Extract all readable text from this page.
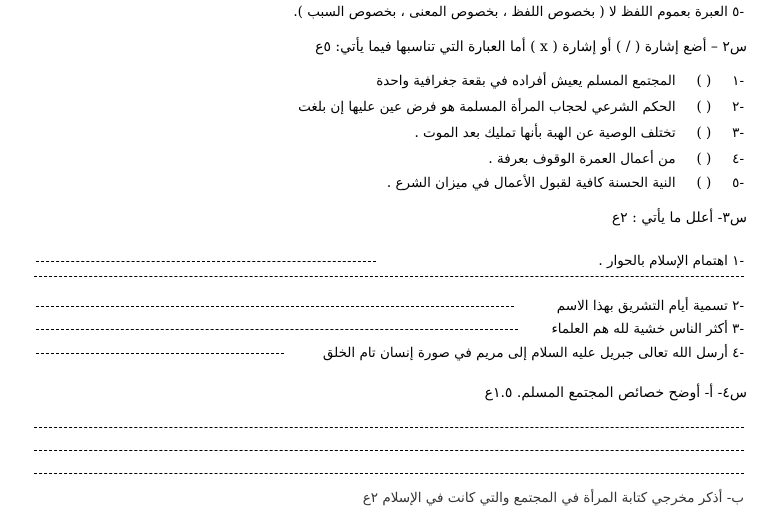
-٥ العبرة بعموم اللفظ لا ( بخصوص اللفظ ، بخصوص المعنى ، بخصوص السبب ).
س٢ – أضع إشارة ( / ) أو إشارة ( x ) أما العبارة التي تناسبها فيما يأتي: ٥ع
-١ ( ) المجتمع المسلم يعيش أفراده في بقعة جغرافية واحدة
-٢ ( ) الحكم الشرعي لحجاب المرأة المسلمة هو فرض عين عليها إن بلغت
-٣ ( ) تختلف الوصية عن الهبة بأنها تمليك بعد الموت .
-٤ ( ) من أعمال العمرة الوقوف بعرفة .
-٥ ( ) النية الحسنة كافية لقبول الأعمال في ميزان الشرع .
س٣- أعلل ما يأتي : ٢ع
-١ اهتمام الإسلام بالحوار .
-٢ تسمية أيام التشريق بهذا الاسم
-٣ أكثر الناس خشية لله هم العلماء
-٤ أرسل الله تعالى جبريل عليه السلام إلى مريم في صورة إنسان تام الخلق
س٤- أ- أوضح خصائص المجتمع المسلم. ١.٥ع
ب- أذكر مخرجي كتابة المرأة في المجتمع والتي كانت في الإسلام ٢ع
